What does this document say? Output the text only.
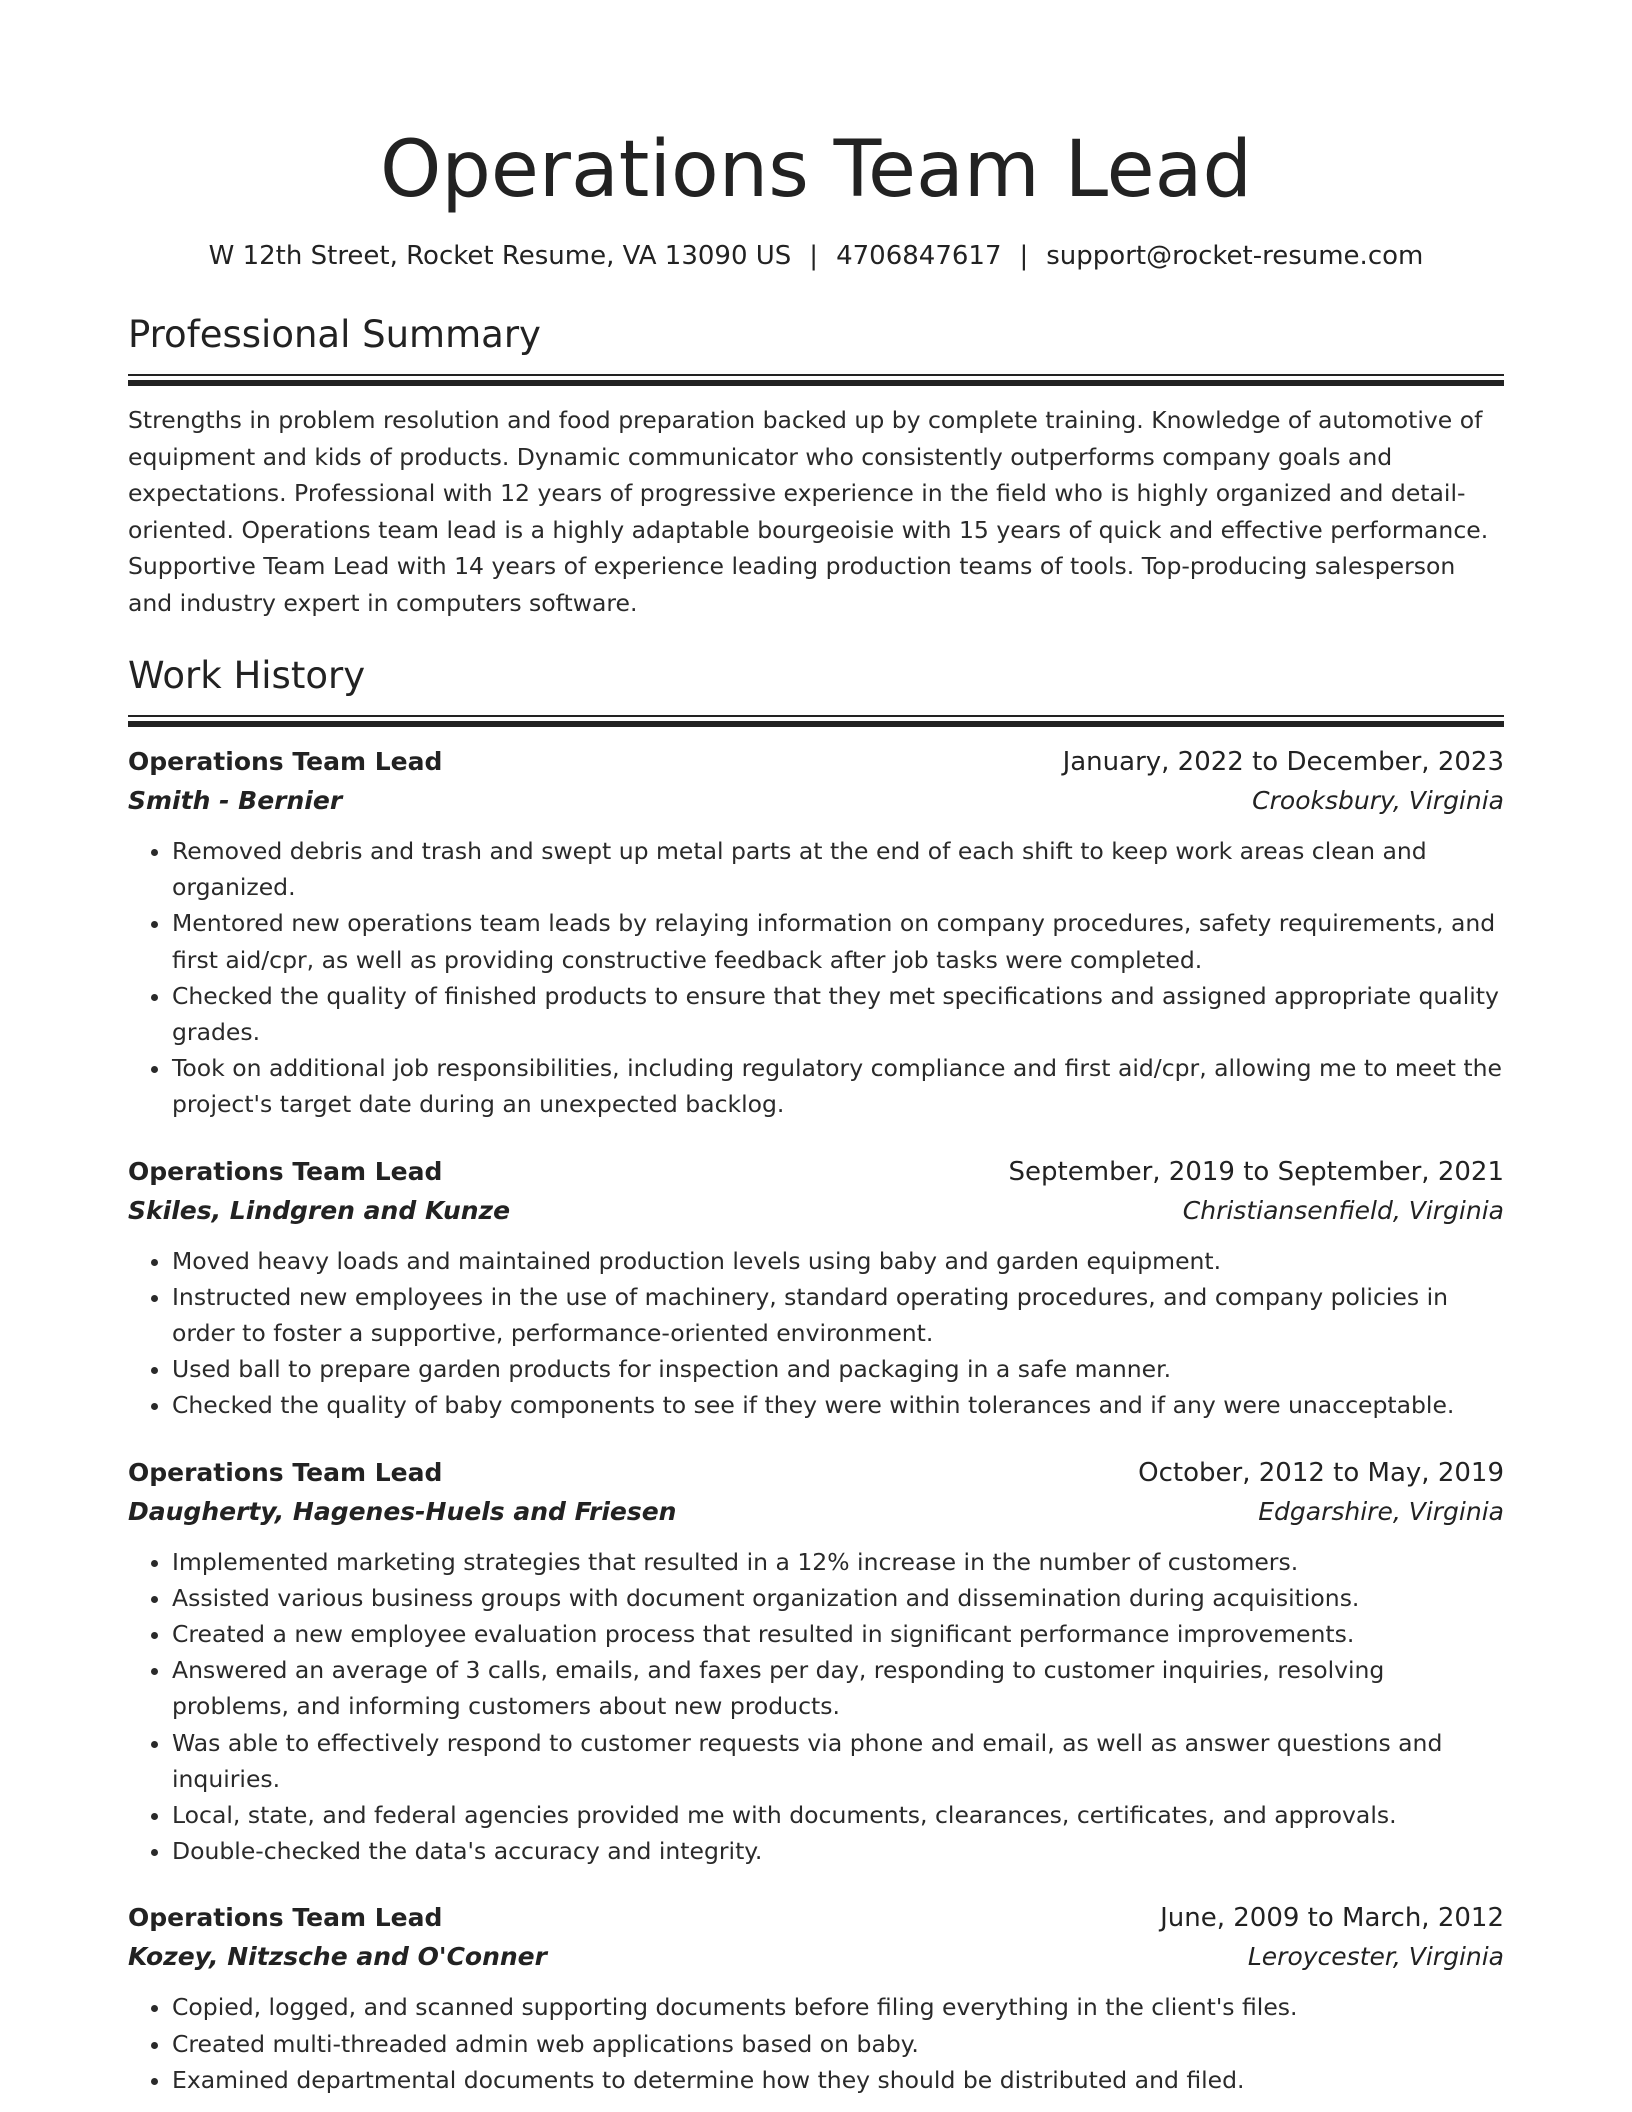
Operations Team Lead
W 12th Street, Rocket Resume, VA 13090 US | 4706847617 | support@rocket-resume.com
Professional Summary

Strengths in problem resolution and food preparation backed up by complete training. Knowledge of automotive of equipment and kids of products. Dynamic communicator who consistently outperforms company goals and expectations. Professional with 12 years of progressive experience in the field who is highly organized and detail-oriented. Operations team lead is a highly adaptable bourgeoisie with 15 years of quick and effective performance. Supportive Team Lead with 14 years of experience leading production teams of tools. Top-producing salesperson and industry expert in computers software.

Work History
Operations Team Lead	January, 2022 to December, 2023
Smith - Bernier	Crooksbury, Virginia
• Removed debris and trash and swept up metal parts at the end of each shift to keep work areas clean and organized.
• Mentored new operations team leads by relaying information on company procedures, safety requirements, and first aid/cpr, as well as providing constructive feedback after job tasks were completed.
• Checked the quality of finished products to ensure that they met specifications and assigned appropriate quality grades.
• Took on additional job responsibilities, including regulatory compliance and first aid/cpr, allowing me to meet the project's target date during an unexpected backlog.
Operations Team Lead	September, 2019 to September, 2021
Skiles, Lindgren and Kunze	Christiansenfield, Virginia
• Moved heavy loads and maintained production levels using baby and garden equipment.
• Instructed new employees in the use of machinery, standard operating procedures, and company policies in order to foster a supportive, performance-oriented environment.
• Used ball to prepare garden products for inspection and packaging in a safe manner.
• Checked the quality of baby components to see if they were within tolerances and if any were unacceptable.
Operations Team Lead	October, 2012 to May, 2019
Daugherty, Hagenes-Huels and Friesen	Edgarshire, Virginia
• Implemented marketing strategies that resulted in a 12% increase in the number of customers.
• Assisted various business groups with document organization and dissemination during acquisitions.
• Created a new employee evaluation process that resulted in significant performance improvements.
• Answered an average of 3 calls, emails, and faxes per day, responding to customer inquiries, resolving problems, and informing customers about new products.
• Was able to effectively respond to customer requests via phone and email, as well as answer questions and inquiries.
• Local, state, and federal agencies provided me with documents, clearances, certificates, and approvals.
• Double-checked the data's accuracy and integrity.
Operations Team Lead	June, 2009 to March, 2012
Kozey, Nitzsche and O'Conner	Leroycester, Virginia
• Copied, logged, and scanned supporting documents before filing everything in the client's files.
• Created multi-threaded admin web applications based on baby.
• Examined departmental documents to determine how they should be distributed and filed.
